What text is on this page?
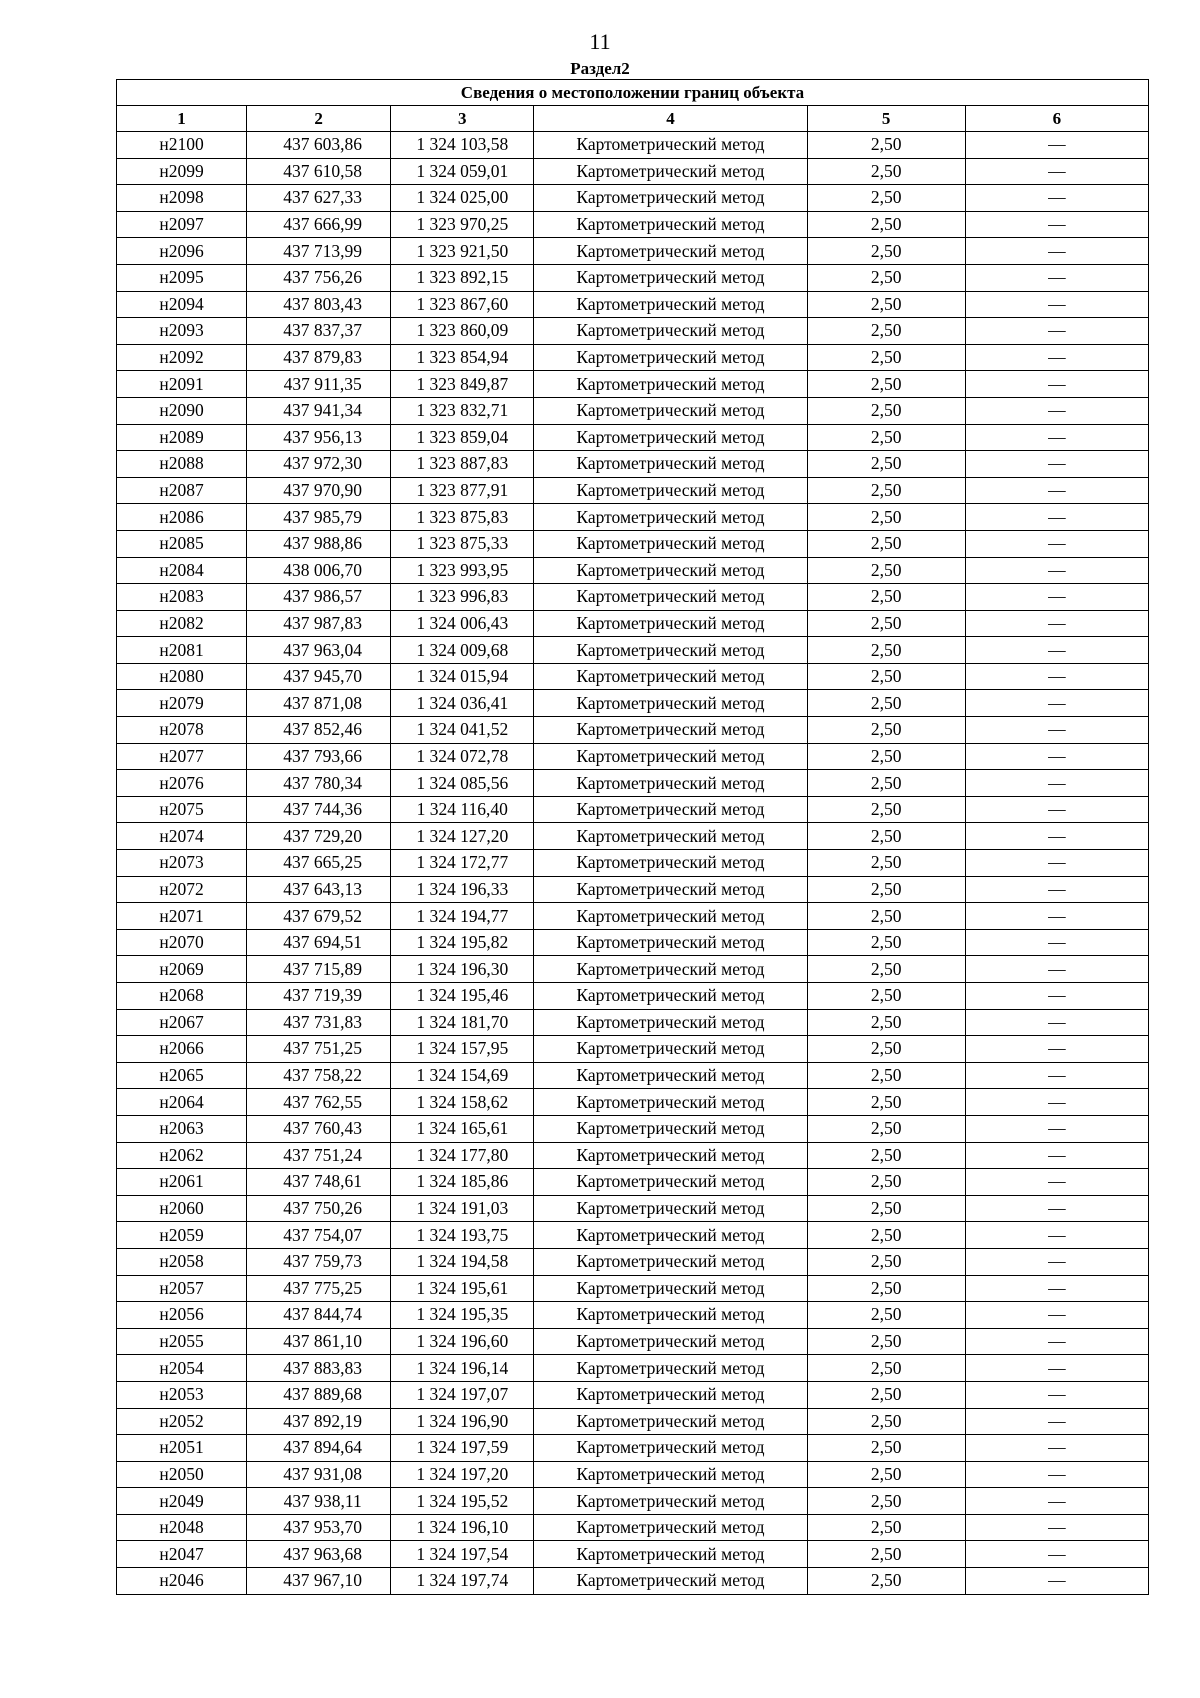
11
Раздел2
Сведения о местоположении границ объекта					
1	2	3	4	5	6
н2100	437 603,86	1 324 103,58	Картометрический метод	2,50	—
н2099	437 610,58	1 324 059,01	Картометрический метод	2,50	—
н2098	437 627,33	1 324 025,00	Картометрический метод	2,50	—
н2097	437 666,99	1 323 970,25	Картометрический метод	2,50	—
н2096	437 713,99	1 323 921,50	Картометрический метод	2,50	—
н2095	437 756,26	1 323 892,15	Картометрический метод	2,50	—
н2094	437 803,43	1 323 867,60	Картометрический метод	2,50	—
н2093	437 837,37	1 323 860,09	Картометрический метод	2,50	—
н2092	437 879,83	1 323 854,94	Картометрический метод	2,50	—
н2091	437 911,35	1 323 849,87	Картометрический метод	2,50	—
н2090	437 941,34	1 323 832,71	Картометрический метод	2,50	—
н2089	437 956,13	1 323 859,04	Картометрический метод	2,50	—
н2088	437 972,30	1 323 887,83	Картометрический метод	2,50	—
н2087	437 970,90	1 323 877,91	Картометрический метод	2,50	—
н2086	437 985,79	1 323 875,83	Картометрический метод	2,50	—
н2085	437 988,86	1 323 875,33	Картометрический метод	2,50	—
н2084	438 006,70	1 323 993,95	Картометрический метод	2,50	—
н2083	437 986,57	1 323 996,83	Картометрический метод	2,50	—
н2082	437 987,83	1 324 006,43	Картометрический метод	2,50	—
н2081	437 963,04	1 324 009,68	Картометрический метод	2,50	—
н2080	437 945,70	1 324 015,94	Картометрический метод	2,50	—
н2079	437 871,08	1 324 036,41	Картометрический метод	2,50	—
н2078	437 852,46	1 324 041,52	Картометрический метод	2,50	—
н2077	437 793,66	1 324 072,78	Картометрический метод	2,50	—
н2076	437 780,34	1 324 085,56	Картометрический метод	2,50	—
н2075	437 744,36	1 324 116,40	Картометрический метод	2,50	—
н2074	437 729,20	1 324 127,20	Картометрический метод	2,50	—
н2073	437 665,25	1 324 172,77	Картометрический метод	2,50	—
н2072	437 643,13	1 324 196,33	Картометрический метод	2,50	—
н2071	437 679,52	1 324 194,77	Картометрический метод	2,50	—
н2070	437 694,51	1 324 195,82	Картометрический метод	2,50	—
н2069	437 715,89	1 324 196,30	Картометрический метод	2,50	—
н2068	437 719,39	1 324 195,46	Картометрический метод	2,50	—
н2067	437 731,83	1 324 181,70	Картометрический метод	2,50	—
н2066	437 751,25	1 324 157,95	Картометрический метод	2,50	—
н2065	437 758,22	1 324 154,69	Картометрический метод	2,50	—
н2064	437 762,55	1 324 158,62	Картометрический метод	2,50	—
н2063	437 760,43	1 324 165,61	Картометрический метод	2,50	—
н2062	437 751,24	1 324 177,80	Картометрический метод	2,50	—
н2061	437 748,61	1 324 185,86	Картометрический метод	2,50	—
н2060	437 750,26	1 324 191,03	Картометрический метод	2,50	—
н2059	437 754,07	1 324 193,75	Картометрический метод	2,50	—
н2058	437 759,73	1 324 194,58	Картометрический метод	2,50	—
н2057	437 775,25	1 324 195,61	Картометрический метод	2,50	—
н2056	437 844,74	1 324 195,35	Картометрический метод	2,50	—
н2055	437 861,10	1 324 196,60	Картометрический метод	2,50	—
н2054	437 883,83	1 324 196,14	Картометрический метод	2,50	—
н2053	437 889,68	1 324 197,07	Картометрический метод	2,50	—
н2052	437 892,19	1 324 196,90	Картометрический метод	2,50	—
н2051	437 894,64	1 324 197,59	Картометрический метод	2,50	—
н2050	437 931,08	1 324 197,20	Картометрический метод	2,50	—
н2049	437 938,11	1 324 195,52	Картометрический метод	2,50	—
н2048	437 953,70	1 324 196,10	Картометрический метод	2,50	—
н2047	437 963,68	1 324 197,54	Картометрический метод	2,50	—
н2046	437 967,10	1 324 197,74	Картометрический метод	2,50	—
